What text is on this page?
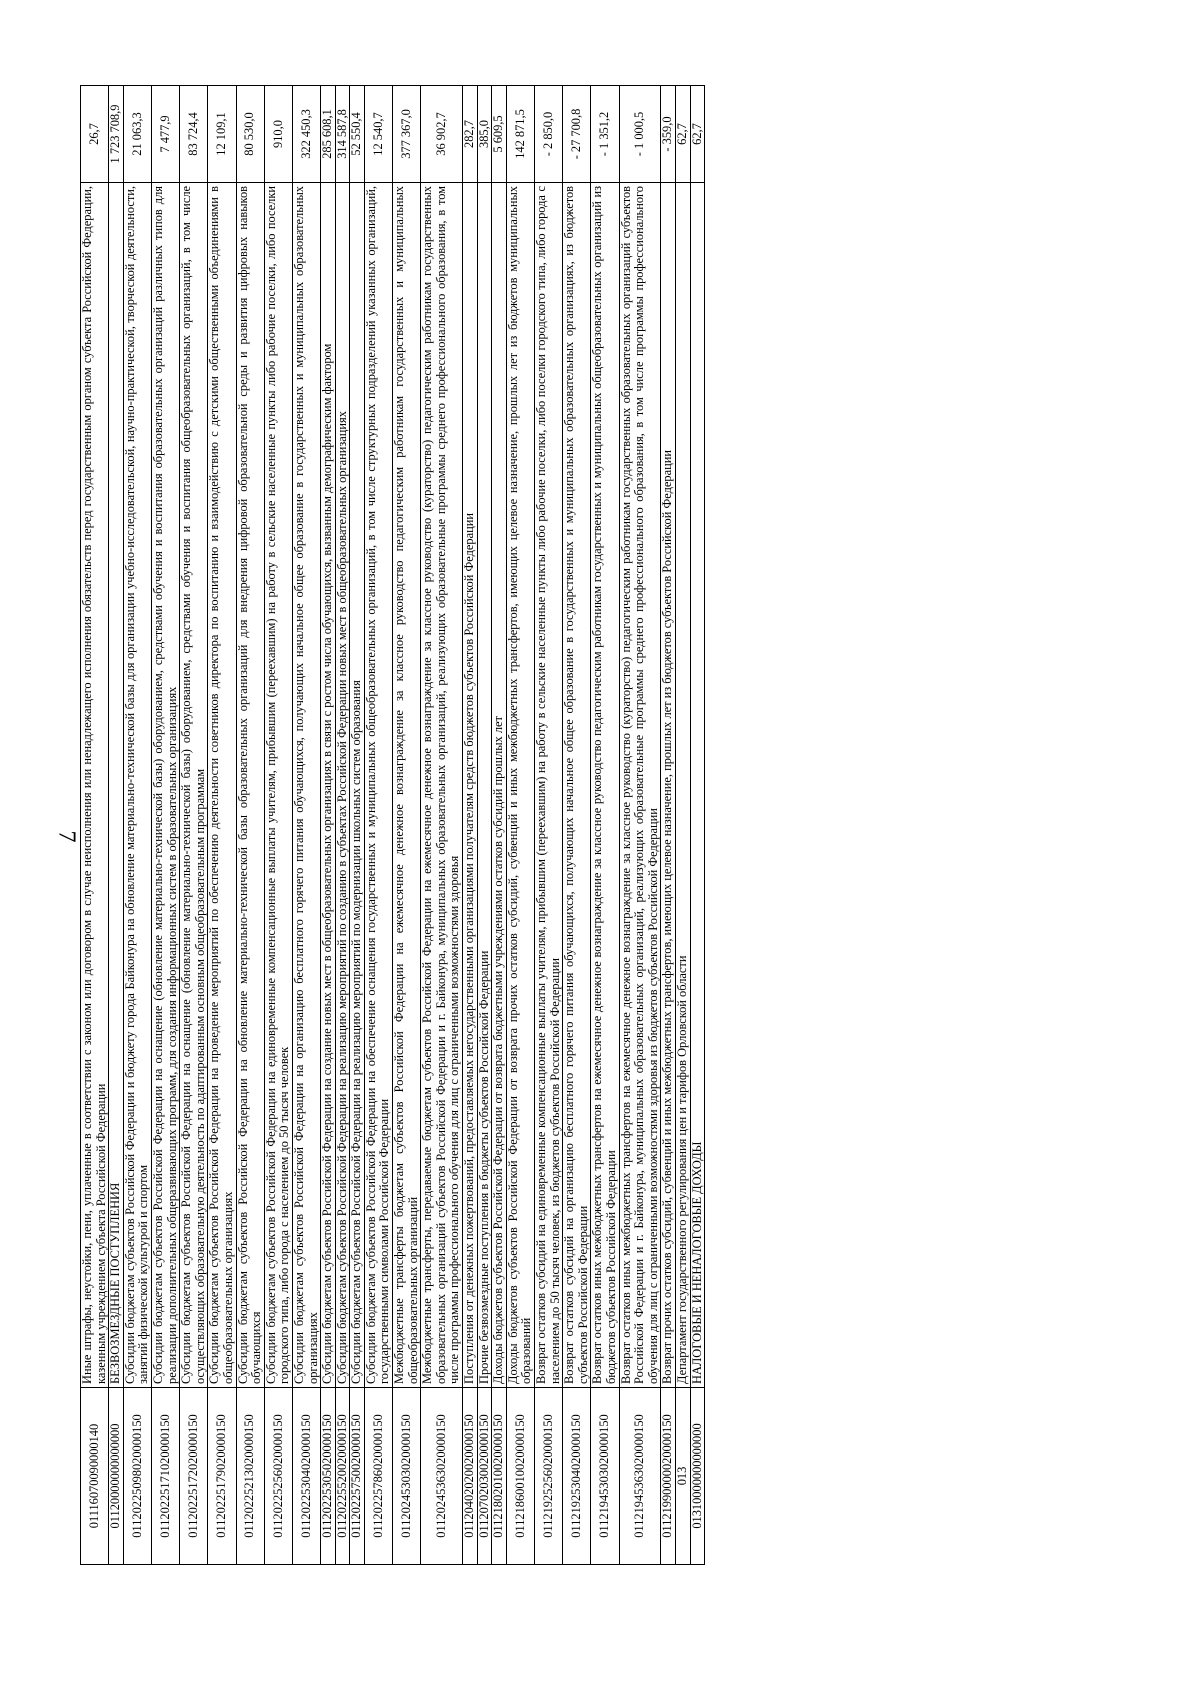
7
01116070090000140	Иные штрафы, неустойки, пени, уплаченные в соответствии с законом или договором в случае неисполнения или ненадлежащего исполнения обязательств перед государственным органом субъекта Российской Федерации, казенным учреждением субъекта Российской Федерации	26,7
01120000000000000	БЕЗВОЗМЕЗДНЫЕ ПОСТУПЛЕНИЯ	1 723 708,9
01120225098020000150	Субсидии бюджетам субъектов Российской Федерации и бюджету города Байконура на обновление материально-технической базы для организации учебно-исследовательской, научно-практической, творческой деятельности, занятий физической культурой и спортом	21 063,3
01120225171020000150	Субсидии бюджетам субъектов Российской Федерации на оснащение (обновление материально-технической базы) оборудованием, средствами обучения и воспитания образовательных организаций различных типов для реализации дополнительных общеразвивающих программ, для создания информационных систем в образовательных организациях	7 477,9
01120225172020000150	Субсидии бюджетам субъектов Российской Федерации на оснащение (обновление материально-технической базы) оборудованием, средствами обучения и воспитания общеобразовательных организаций, в том числе осуществляющих образовательную деятельность по адаптированным основным общеобразовательным программам	83 724,4
01120225179020000150	Субсидии бюджетам субъектов Российской Федерации на проведение мероприятий по обеспечению деятельности советников директора по воспитанию и взаимодействию с детскими общественными объединениями в общеобразовательных организациях	12 109,1
01120225213020000150	Субсидии бюджетам субъектов Российской Федерации на обновление материально-технической базы образовательных организаций для внедрения цифровой образовательной среды и развития цифровых навыков обучающихся	80 530,0
01120225256020000150	Субсидии бюджетам субъектов Российской Федерации на единовременные компенсационные выплаты учителям, прибывшим (переехавшим) на работу в сельские населенные пункты либо рабочие поселки, либо поселки городского типа, либо города с населением до 50 тысяч человек	910,0
01120225304020000150	Субсидии бюджетам субъектов Российской Федерации на организацию бесплатного горячего питания обучающихся, получающих начальное общее образование в государственных и муниципальных образовательных организациях	322 450,3
01120225305020000150	Субсидии бюджетам субъектов Российской Федерации на создание новых мест в общеобразовательных организациях в связи с ростом числа обучающихся, вызванным демографическим фактором	285 608,1
01120225520020000150	Субсидии бюджетам субъектов Российской Федерации на реализацию мероприятий по созданию в субъектах Российской Федерации новых мест в общеобразовательных организациях	314 587,8
01120225750020000150	Субсидии бюджетам субъектов Российской Федерации на реализацию мероприятий по модернизации школьных систем образования	52 550,4
01120225786020000150	Субсидии бюджетам субъектов Российской Федерации на обеспечение оснащения государственных и муниципальных общеобразовательных организаций, в том числе структурных подразделений указанных организаций, государственными символами Российской Федерации	12 540,7
01120245303020000150	Межбюджетные трансферты бюджетам субъектов Российской Федерации на ежемесячное денежное вознаграждение за классное руководство педагогическим работникам государственных и муниципальных общеобразовательных организаций	377 367,0
01120245363020000150	Межбюджетные трансферты, передаваемые бюджетам субъектов Российской Федерации на ежемесячное денежное вознаграждение за классное руководство (кураторство) педагогическим работникам государственных образовательных организаций субъектов Российской Федерации и г. Байконура, муниципальных образовательных организаций, реализующих образовательные программы среднего профессионального образования, в том числе программы профессионального обучения для лиц с ограниченными возможностями здоровья	36 902,7
01120402020020000150	Поступления от денежных пожертвований, предоставляемых негосударственными организациями получателям средств бюджетов субъектов Российской Федерации	282,7
01120702030020000150	Прочие безвозмездные поступления в бюджеты субъектов Российской Федерации	385,0
01121802010020000150	Доходы бюджетов субъектов Российской Федерации от возврата бюджетными учреждениями остатков субсидий прошлых лет	5 609,5
01121860010020000150	Доходы бюджетов субъектов Российской Федерации от возврата прочих остатков субсидий, субвенций и иных межбюджетных трансфертов, имеющих целевое назначение, прошлых лет из бюджетов муниципальных образований	142 871,5
01121925256020000150	Возврат остатков субсидий на единовременные компенсационные выплаты учителям, прибывшим (переехавшим) на работу в сельские населенные пункты либо рабочие поселки, либо поселки городского типа, либо города с населением до 50 тысяч человек, из бюджетов субъектов Российской Федерации	- 2 850,0
01121925304020000150	Возврат остатков субсидий на организацию бесплатного горячего питания обучающихся, получающих начальное общее образование в государственных и муниципальных образовательных организациях, из бюджетов субъектов Российской Федерации	- 27 700,8
01121945303020000150	Возврат остатков иных межбюджетных трансфертов на ежемесячное денежное вознаграждение за классное руководство педагогическим работникам государственных и муниципальных общеобразовательных организаций из бюджетов субъектов Российской Федерации	- 1 351,2
01121945363020000150	Возврат остатков иных межбюджетных трансфертов на ежемесячное денежное вознаграждение за классное руководство (кураторство) педагогическим работникам государственных образовательных организаций субъектов Российской Федерации и г. Байконура, муниципальных образовательных организаций, реализующих образовательные программы среднего профессионального образования, в том числе программы профессионального обучения для лиц с ограниченными возможностями здоровья из бюджетов субъектов Российской Федерации	- 1 000,5
01121990000020000150	Возврат прочих остатков субсидий, субвенций и иных межбюджетных трансфертов, имеющих целевое назначение, прошлых лет из бюджетов субъектов Российской Федерации	- 359,0
013	Департамент государственного регулирования цен и тарифов Орловской области	62,7
01310000000000000	НАЛОГОВЫЕ И НЕНАЛОГОВЫЕ ДОХОДЫ	62,7
